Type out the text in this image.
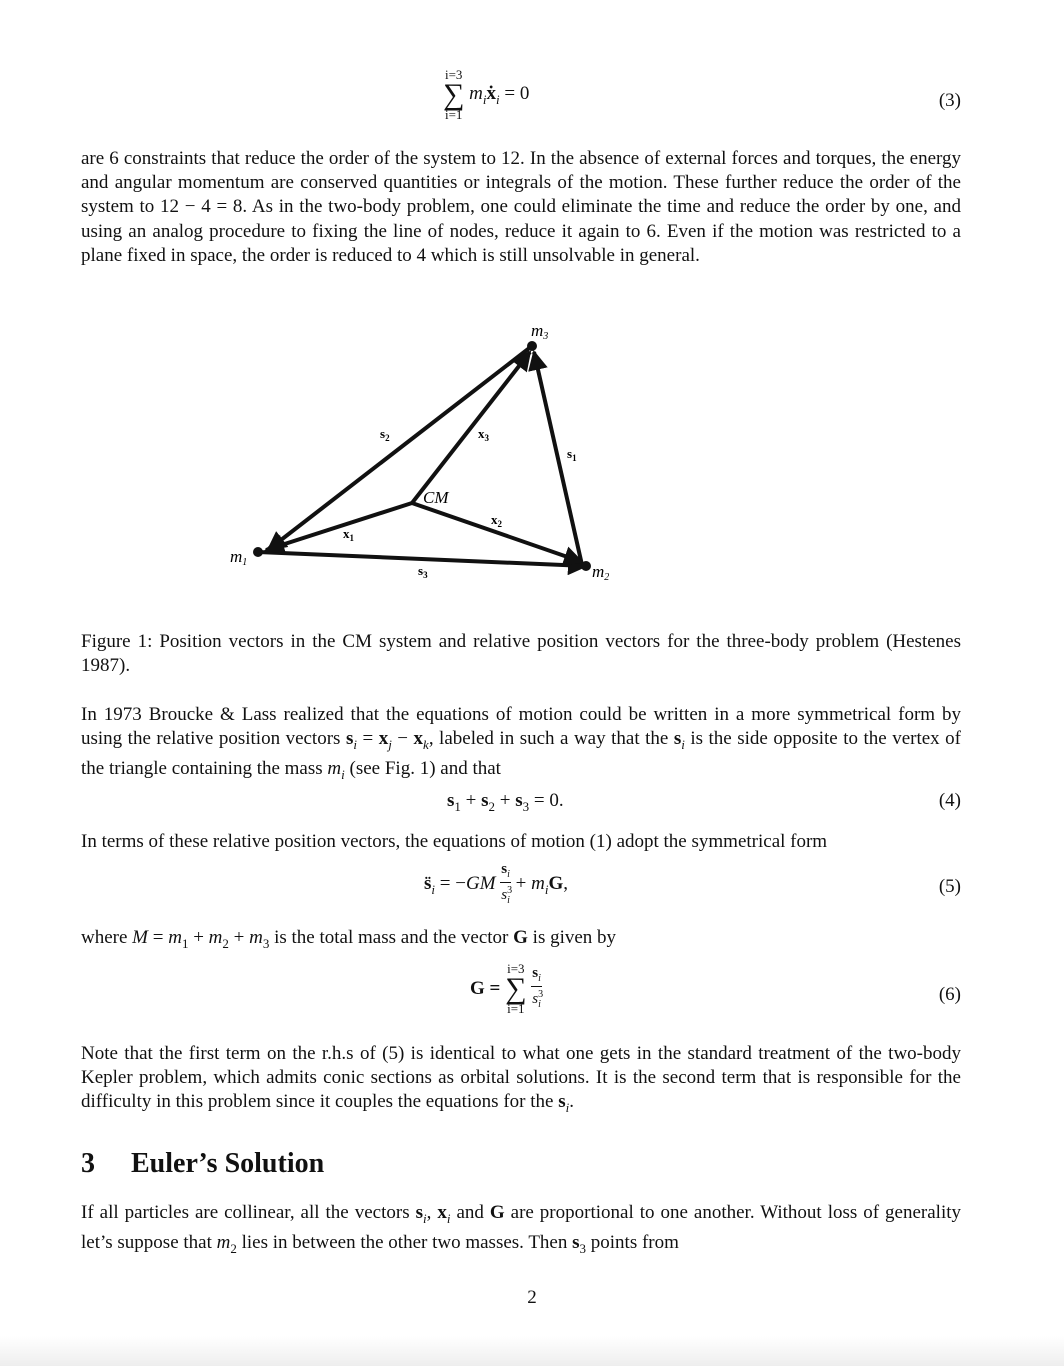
i=3
∑
i=1
$m_iẋ_i = 0$	(3)

are 6 constraints that reduce the order of the system to 12. In the absence of external forces and torques, the energy and angular momentum are conserved quantities or integrals of the motion. These further reduce the order of the system to 12 − 4 = 8. As in the two-body problem, one could eliminate the time and reduce the order by one, and using an analog procedure to fixing the line of nodes, reduce it again to 6. Even if the motion was restricted to a plane fixed in space, the order is reduced to 4 which is still unsolvable in general.

m3
m1	m2
$s_2$	$x_3$
$s_1$
CM
$x_2$
$x_1$
$s_3$

Figure 1: Position vectors in the CM system and relative position vectors for the three-body problem (Hestenes 1987).

In 1973 Broucke & Lass realized that the equations of motion could be written in a more symmetrical form by using the relative position vectors $s_i = x_j - x_k$, labeled in such a way that the $s_i$ is the side opposite to the vertex of the triangle containing the mass $m_i$ (see Fig. 1) and that

$s_1 + s_2 + s_3 = 0$.	(4)

In terms of these relative position vectors, the equations of motion (1) adopt the symmetrical form

$s̈_i = -GM \frac{s_i}{s^3_i} + m_iG$,	(5)

where $M = m_1 + m_2 + m_3$ is the total mass and the vector G is given by

G =
i=3
∑
i=1
$\frac{s_i}{s^3_i}$	(6)

Note that the first term on the r.h.s of (5) is identical to what one gets in the standard treatment of the two-body Kepler problem, which admits conic sections as orbital solutions. It is the second term that is responsible for the difficulty in this problem since it couples the equations for the $s_i$.

3 Euler’s Solution

If all particles are collinear, all the vectors $s_i$, $x_i$ and G are proportional to one another. Without loss of generality let’s suppose that $m_2$ lies in between the other two masses. Then $s_3$ points from

2
